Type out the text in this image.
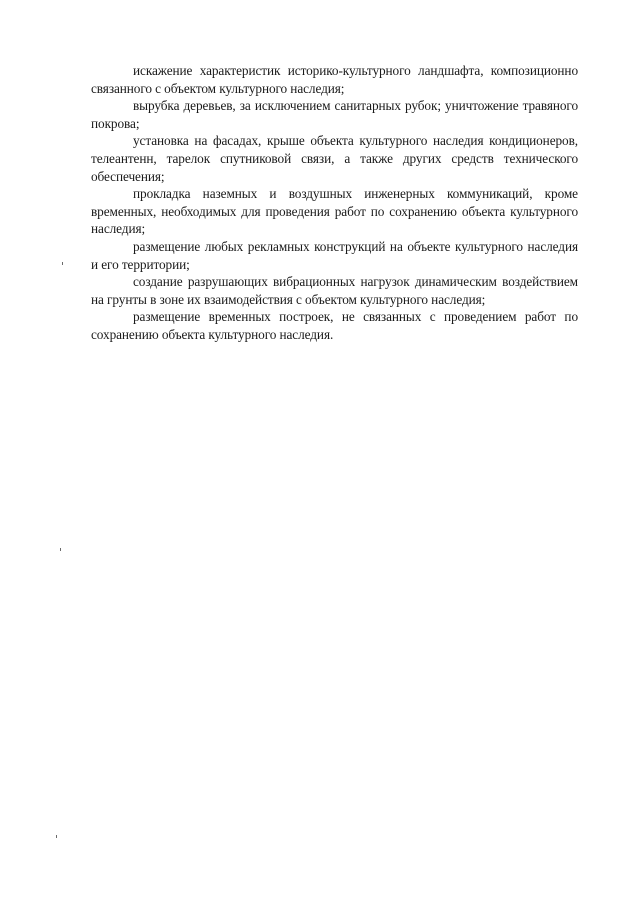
искажение характеристик историко-культурного ландшафта, композиционно связанного с объектом культурного наследия;

вырубка деревьев, за исключением санитарных рубок; уничтожение травяного покрова;

установка на фасадах, крыше объекта культурного наследия кондиционеров, телеантенн, тарелок спутниковой связи, а также других средств технического обеспечения;

прокладка наземных и воздушных инженерных коммуникаций, кроме временных, необходимых для проведения работ по сохранению объекта культурного наследия;

размещение любых рекламных конструкций на объекте культурного наследия и его территории;

создание разрушающих вибрационных нагрузок динамическим воздействием на грунты в зоне их взаимодействия с объектом культурного наследия;

размещение временных построек, не связанных с проведением работ по сохранению объекта культурного наследия.
